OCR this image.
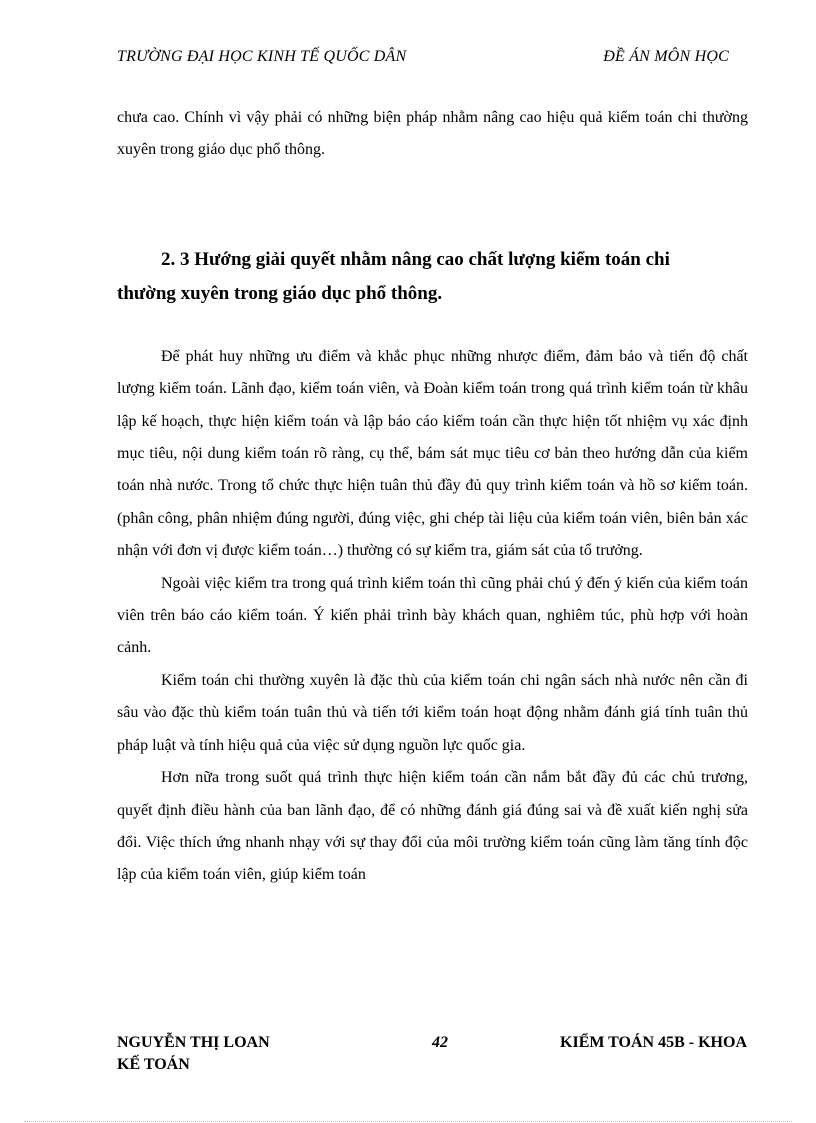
TRƯỜNG ĐẠI HỌC KINH TẾ QUỐC DÂN	ĐỀ ÁN MÔN HỌC

chưa cao. Chính vì vậy phải có những biện pháp nhằm nâng cao hiệu quả kiểm toán chi thường xuyên trong giáo dục phổ thông.

2. 3 Hướng giải quyết nhằm nâng cao chất lượng kiểm toán chi thường xuyên trong giáo dục phổ thông.

Để phát huy những ưu điểm và khắc phục những nhược điểm, đảm bảo và tiến độ chất lượng kiểm toán. Lãnh đạo, kiểm toán viên, và Đoàn kiểm toán trong quá trình kiểm toán từ khâu lập kế hoạch, thực hiện kiểm toán và lập báo cáo kiểm toán cần thực hiện tốt nhiệm vụ xác định mục tiêu, nội dung kiểm toán rõ ràng, cụ thể, bám sát mục tiêu cơ bản theo hướng dẫn của kiểm toán nhà nước. Trong tổ chức thực hiện tuân thủ đầy đủ quy trình kiểm toán và hồ sơ kiểm toán. (phân công, phân nhiệm đúng người, đúng việc, ghi chép tài liệu của kiểm toán viên, biên bản xác nhận với đơn vị được kiểm toán…) thường có sự kiểm tra, giám sát của tổ trưởng.

Ngoài việc kiểm tra trong quá trình kiểm toán thì cũng phải chú ý đến ý kiến của kiểm toán viên trên báo cáo kiểm toán. Ý kiến phải trình bày khách quan, nghiêm túc, phù hợp với hoàn cảnh.

Kiểm toán chi thường xuyên là đặc thù của kiểm toán chi ngân sách nhà nước nên cần đi sâu vào đặc thù kiểm toán tuân thủ và tiến tới kiểm toán hoạt động nhằm đánh giá tính tuân thủ pháp luật và tính hiệu quả của việc sử dụng nguồn lực quốc gia.

Hơn nữa trong suốt quá trình thực hiện kiểm toán cần nắm bắt đầy đủ các chủ trương, quyết định điều hành của ban lãnh đạo, để có những đánh giá đúng sai và đề xuất kiến nghị sửa đổi. Việc thích ứng nhanh nhạy với sự thay đổi của môi trường kiểm toán cũng làm tăng tính độc lập của kiểm toán viên, giúp kiểm toán

NGUYỄN THỊ LOAN
KẾ TOÁN
42	KIỂM TOÁN 45B - KHOA
